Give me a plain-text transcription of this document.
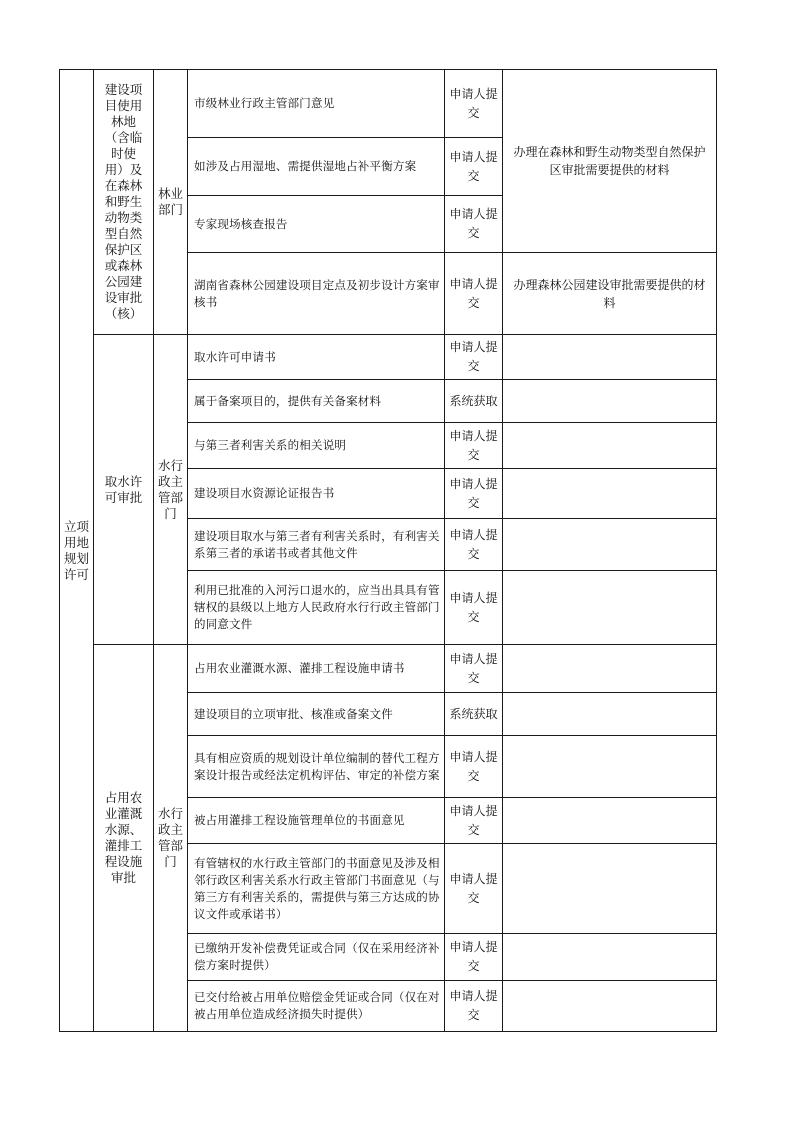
立项
用地
规划
许可
建设项
目使用
林地
（含临
时使
用）及
在森林
和野生
动物类
型自然
保护区
或森林
公园建
设审批
（核）
林业
部门
市级林业行政主管部门意见
申请人提
交
如涉及占用湿地、需提供湿地占补平衡方案
申请人提
交
专家现场核查报告
申请人提
交
湖南省森林公园建设项目定点及初步设计方案审核书
申请人提
交
办理在森林和野生动物类型自然保护区审批需要提供的材料
办理森林公园建设审批需要提供的材料
取水许
可审批
水行
政主
管部
门
取水许可申请书
申请人提
交
属于备案项目的，提供有关备案材料	系统获取
与第三者利害关系的相关说明
申请人提
交
建设项目水资源论证报告书
申请人提
交
建设项目取水与第三者有利害关系时，有利害关系第三者的承诺书或者其他文件
申请人提
交
利用已批准的入河污口退水的，应当出具具有管辖权的县级以上地方人民政府水行行政主管部门的同意文件
申请人提
交
占用农
业灌溉
水源、
灌排工
程设施
审批
水行
政主
管部
门
占用农业灌溉水源、灌排工程设施申请书
申请人提
交
建设项目的立项审批、核准或备案文件	系统获取
具有相应资质的规划设计单位编制的替代工程方案设计报告或经法定机构评估、审定的补偿方案
申请人提
交
被占用灌排工程设施管理单位的书面意见
申请人提
交
有管辖权的水行政主管部门的书面意见及涉及相邻行政区利害关系水行政主管部门书面意见（与第三方有利害关系的，需提供与第三方达成的协议文件或承诺书）
申请人提交
已缴纳开发补偿费凭证或合同（仅在采用经济补偿方案时提供）
申请人提
交
已交付给被占用单位赔偿金凭证或合同（仅在对被占用单位造成经济损失时提供）
申请人提
交
